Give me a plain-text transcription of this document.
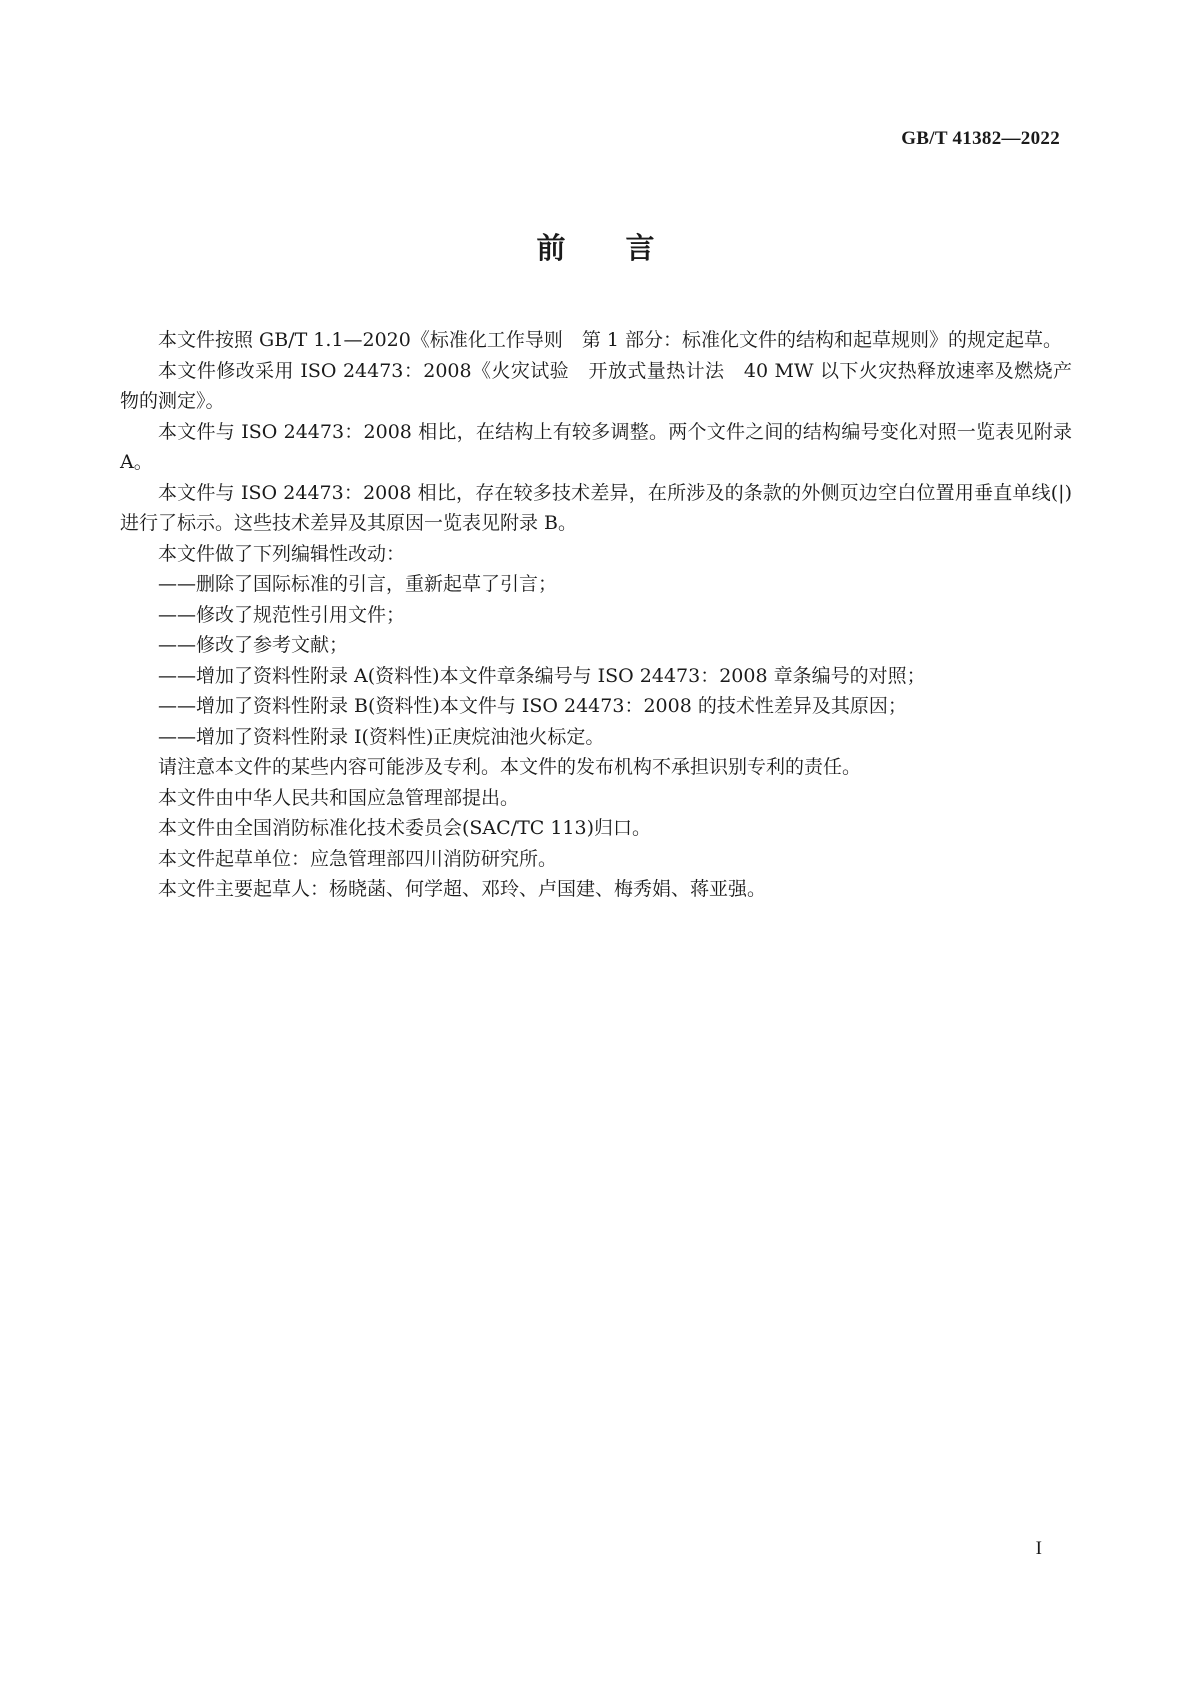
GB/T 41382—2022
前言

本文件按照 GB/T 1.1—2020《标准化工作导则　第 1 部分：标准化文件的结构和起草规则》的规定起草。

本文件修改采用 ISO 24473：2008《火灾试验　开放式量热计法　40 MW 以下火灾热释放速率及燃烧产物的测定》。

本文件与 ISO 24473：2008 相比，在结构上有较多调整。两个文件之间的结构编号变化对照一览表见附录 A。

本文件与 ISO 24473：2008 相比，存在较多技术差异，在所涉及的条款的外侧页边空白位置用垂直单线(|)进行了标示。这些技术差异及其原因一览表见附录 B。

本文件做了下列编辑性改动：

——删除了国际标准的引言，重新起草了引言；

——修改了规范性引用文件；

——修改了参考文献；

——增加了资料性附录 A(资料性)本文件章条编号与 ISO 24473：2008 章条编号的对照；

——增加了资料性附录 B(资料性)本文件与 ISO 24473：2008 的技术性差异及其原因；

——增加了资料性附录 I(资料性)正庚烷油池火标定。

请注意本文件的某些内容可能涉及专利。本文件的发布机构不承担识别专利的责任。

本文件由中华人民共和国应急管理部提出。

本文件由全国消防标准化技术委员会(SAC/TC 113)归口。

本文件起草单位：应急管理部四川消防研究所。

本文件主要起草人：杨晓菡、何学超、邓玲、卢国建、梅秀娟、蒋亚强。

I
